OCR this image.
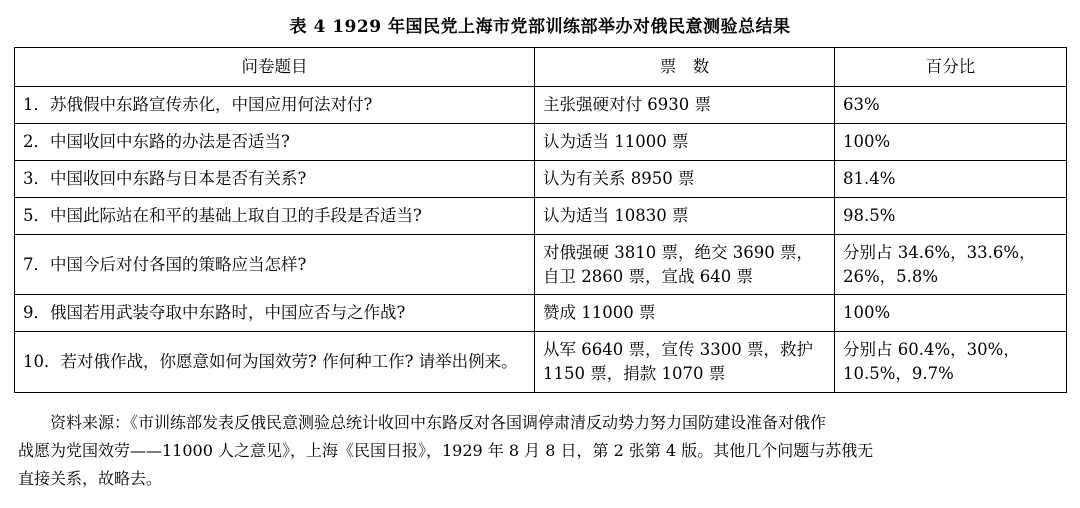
表 4 1929 年国民党上海市党部训练部举办对俄民意测验总结果
问卷题目	票　数	百分比
1．苏俄假中东路宣传赤化，中国应用何法对付?	主张强硬对付 6930 票	63%
2．中国收回中东路的办法是否适当?	认为适当 11000 票	100%
3．中国收回中东路与日本是否有关系?	认为有关系 8950 票	81.4%
5．中国此际站在和平的基础上取自卫的手段是否适当?	认为适当 10830 票	98.5%
7．中国今后对付各国的策略应当怎样?	对俄强硬 3810 票，绝交 3690 票，自卫 2860 票，宣战 640 票	分别占 34.6%，33.6%，26%，5.8%
9．俄国若用武装夺取中东路时，中国应否与之作战?	赞成 11000 票	100%
10．若对俄作战，你愿意如何为国效劳? 作何种工作? 请举出例来。	从军 6640 票，宣传 3300 票，救护 1150 票，捐款 1070 票	分别占 60.4%，30%，10.5%，9.7%

资料来源：《市训练部发表反俄民意测验总统计收回中东路反对各国调停肃清反动势力努力国防建设准备对俄作

战愿为党国效劳——11000 人之意见》，上海《民国日报》，1929 年 8 月 8 日，第 2 张第 4 版。其他几个问题与苏俄无

直接关系，故略去。
